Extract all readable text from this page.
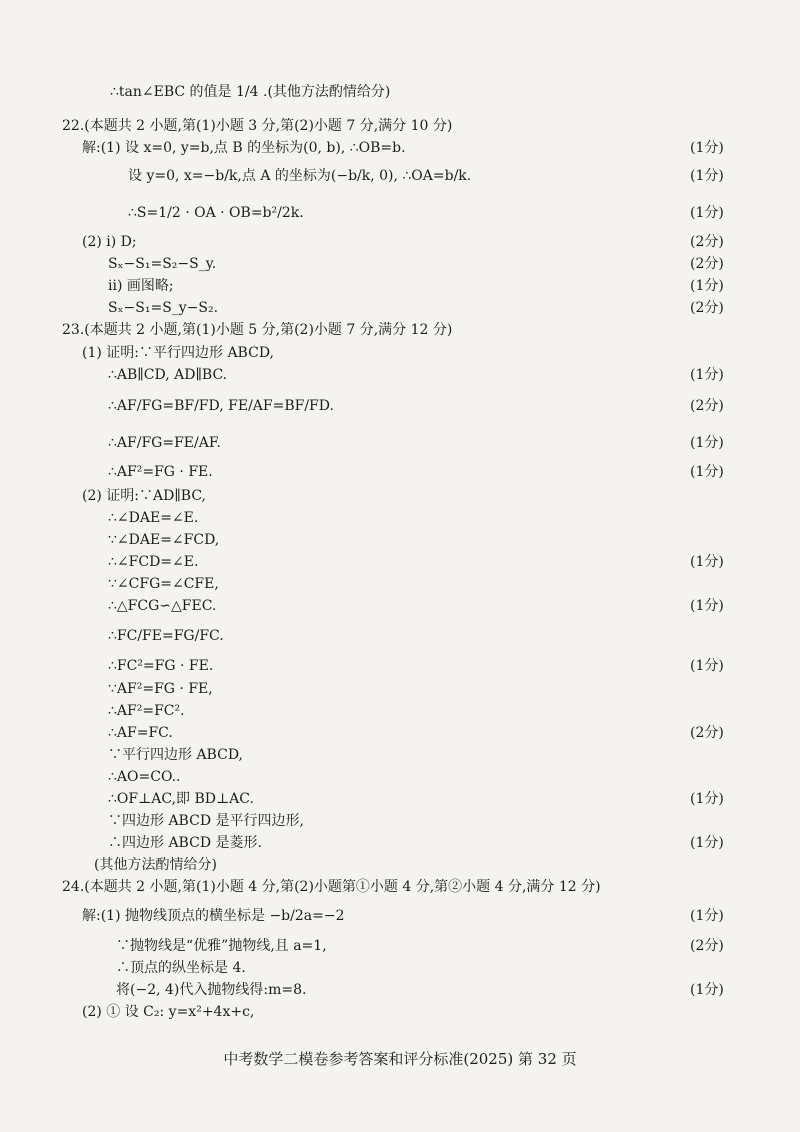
∴tan∠EBC 的值是 1/4 .(其他方法酌情给分)
22.(本题共 2 小题,第(1)小题 3 分,第(2)小题 7 分,满分 10 分)
解:(1) 设 x=0, y=b,点 B 的坐标为(0, b), ∴OB=b.	(1分)
设 y=0, x=−b/k,点 A 的坐标为(−b/k, 0), ∴OA=b/k.	(1分)
∴S=1/2 · OA · OB=b²/2k.	(1分)
(2) i) D;	(2分)
Sₓ−S₁=S₂−S_y.	(2分)
ii) 画图略;	(1分)
Sₓ−S₁=S_y−S₂.	(2分)
23.(本题共 2 小题,第(1)小题 5 分,第(2)小题 7 分,满分 12 分)
(1) 证明:∵平行四边形 ABCD,
∴AB∥CD, AD∥BC.	(1分)
∴AF/FG=BF/FD, FE/AF=BF/FD.	(2分)
∴AF/FG=FE/AF.	(1分)
∴AF²=FG · FE.	(1分)
(2) 证明:∵AD∥BC,
∴∠DAE=∠E.
∵∠DAE=∠FCD,
∴∠FCD=∠E.	(1分)
∵∠CFG=∠CFE,
∴△FCG∽△FEC.	(1分)
∴FC/FE=FG/FC.
∴FC²=FG · FE.	(1分)
∵AF²=FG · FE,
∴AF²=FC².
∴AF=FC.	(2分)
∵平行四边形 ABCD,
∴AO=CO..
∴OF⊥AC,即 BD⊥AC.	(1分)
∵四边形 ABCD 是平行四边形,
∴四边形 ABCD 是菱形.	(1分)
(其他方法酌情给分)
24.(本题共 2 小题,第(1)小题 4 分,第(2)小题第①小题 4 分,第②小题 4 分,满分 12 分)
解:(1) 抛物线顶点的横坐标是 −b/2a=−2	(1分)
∵抛物线是“优雅”抛物线,且 a=1,	(2分)
∴顶点的纵坐标是 4.
将(−2, 4)代入抛物线得:m=8.	(1分)
(2) ① 设 C₂: y=x²+4x+c,
中考数学二模卷参考答案和评分标准(2025) 第 32 页
